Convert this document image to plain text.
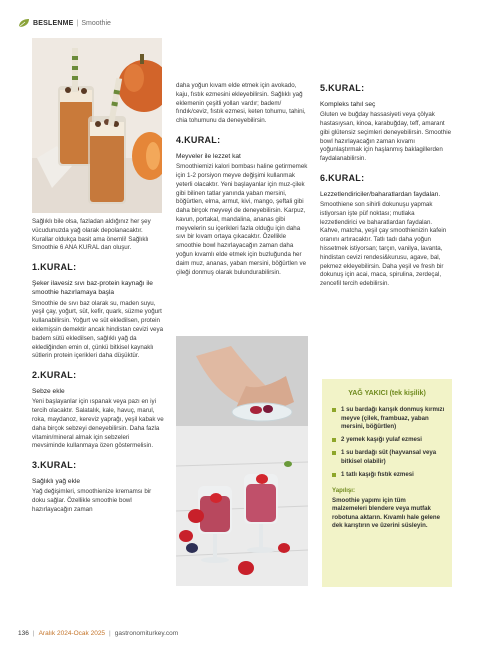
BESLENME | Smoothie

Sağlıklı bile olsa, fazladan aldığınız her şey vücudunuzda yağ olarak depolanacaktır. Kurallar oldukça basit ama önemli! Sağlıklı Smoothie 6 ANA KURAL dan oluşur.

1.KURAL:
Şeker ilavesiz sıvı baz-protein kaynağı ile smoothie hazırlamaya başla

Smoothie de sıvı baz olarak su, maden suyu, yeşil çay, yoğurt, süt, kefir, quark, süzme yoğurt kullanabilirsin. Yoğurt ve süt ekledilsen, protein eklemişsin demektir ancak hindistan cevizi veya badem sütü ekledilsen, sağlıklı yağ da eklediğinden emin ol, çünkü bitkisel kaynaklı sütlerin protein içerikleri daha düşüktür.

2.KURAL:
Sebze ekle

Yeni başlayanlar için ıspanak veya pazı en iyi tercih olacaktır. Salatalık, kale, havuç, marul, roka, maydanoz, kereviz yaprağı, yeşil kabak ve daha birçok sebzeyi deneyebilirsin. Daha fazla vitamin/mineral almak için sebzeleri mevsiminde kullanmaya özen göstermelisin.

3.KURAL:
Sağlıklı yağ ekle

Yağ değişimleri, smoothienize kremamsı bir doku sağlar. Özellikle smoothie bowl hazırlayacağın zaman

daha yoğun kıvam elde etmek için avokado, kaju, fıstık ezmesini ekleyebilirsin. Sağlıklı yağ eklemenin çeşitli yolları vardır; badem/ fındık/ceviz, fıstık ezmesi, keten tohumu, tahini, chia tohumunu da deneyebilirsin.

4.KURAL:
Meyveler ile lezzet kat

Smoothiemizi kalori bombası haline getirmemek için 1-2 porsiyon meyve değişimi kullanmak yeterli olacaktır. Yeni başlayanlar için muz-çilek gibi bilinen tatlar yanında yaban mersini, böğürtlen, elma, armut, kivi, mango, şeftali gibi daha birçok meyveyi de deneyebilirsin. Karpuz, kavun, portakal, mandalina, ananas gibi meyvelerin su içerikleri fazla olduğu için daha sıvı bir kıvam ortaya çıkacaktır. Özellikle smoothie bowl hazırlayacağın zaman daha yoğun kıvamlı elde etmek için buzluğunda her daim muz, ananas, yaban mersini, böğürtlen ve çileği donmuş olarak bulundurabilirsin.

5.KURAL:
Kompleks tahıl seç

Gluten ve buğday hassasiyeti veya çölyak hastasıysan, kinoa, karabuğday, teff, amarant gibi glütensiz seçimleri deneyebilirsin. Smoothie bowl hazırlayacağın zaman kıvamı yoğunlaştırmak için haşlanmış baklagillerden faydalanabilirsin.

6.KURAL:
Lezzetlendiriciler/baharatlardan faydalan.

Smoothiene son sihirli dokunuşu yapmak istiyorsan işte püf noktası; mutlaka lezzetlendirici ve baharatlardan faydalan. Kahve, matcha, yeşil çay smoothienizin kafein oranını artıracaktır. Tatlı tadı daha yoğun hissetmek istiyorsan; tarçın, vanilya, lavanta, hindistan cevizi rendesi&kurusu, agave, bal, pekmez ekleyebilirsin. Daha yeşil ve fresh bir dokunuş için acai, maca, spirulina, zerdeçal, zencefil tercih edebilirsin.

YAĞ YAKICI (tek kişilik)
1 su bardağı karışık donmuş kırmızı meyve (çilek, frambuaz, yaban mersini, böğürtlen)
2 yemek kaşığı yulaf ezmesi
1 su bardağı süt (hayvansal veya bitkisel olabilir)
1 tatlı kaşığı fıstık ezmesi
Yapılışı:
Smoothie yapımı için tüm malzemeleri blendere veya mutfak robotuna aktarın. Kıvamlı hale gelene dek karıştırın ve üzerini süsleyin.
136 | Aralık 2024-Ocak 2025 | gastronomiturkey.com
